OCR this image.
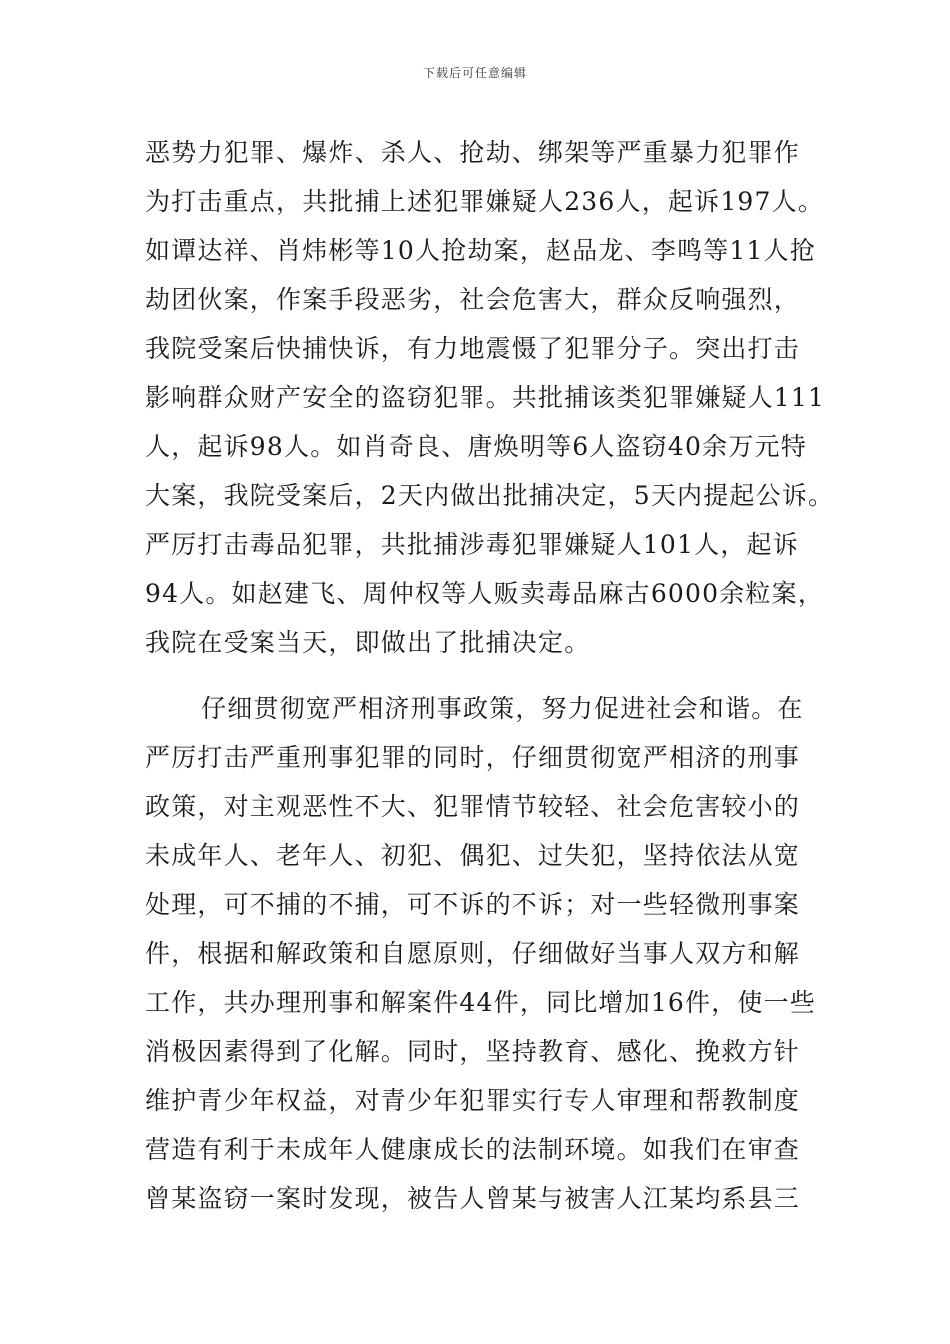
下载后可任意编辑
恶势力犯罪、爆炸、杀人、抢劫、绑架等严重暴力犯罪作
为打击重点，共批捕上述犯罪嫌疑人236人，起诉197人。
如谭达祥、肖炜彬等10人抢劫案，赵品龙、李鸣等11人抢
劫团伙案，作案手段恶劣，社会危害大，群众反响强烈，
我院受案后快捕快诉，有力地震慑了犯罪分子。突出打击
影响群众财产安全的盗窃犯罪。共批捕该类犯罪嫌疑人111
人，起诉98人。如肖奇良、唐焕明等6人盗窃40余万元特
大案，我院受案后，2天内做出批捕决定，5天内提起公诉。
严厉打击毒品犯罪，共批捕涉毒犯罪嫌疑人101人，起诉
94人。如赵建飞、周仲权等人贩卖毒品麻古6000余粒案，
我院在受案当天，即做出了批捕决定。
仔细贯彻宽严相济刑事政策，努力促进社会和谐。在
严厉打击严重刑事犯罪的同时，仔细贯彻宽严相济的刑事
政策，对主观恶性不大、犯罪情节较轻、社会危害较小的
未成年人、老年人、初犯、偶犯、过失犯，坚持依法从宽
处理，可不捕的不捕，可不诉的不诉；对一些轻微刑事案
件，根据和解政策和自愿原则，仔细做好当事人双方和解
工作，共办理刑事和解案件44件，同比增加16件，使一些
消极因素得到了化解。同时，坚持教育、感化、挽救方针
维护青少年权益，对青少年犯罪实行专人审理和帮教制度
营造有利于未成年人健康成长的法制环境。如我们在审查
曾某盗窃一案时发现，被告人曾某与被害人江某均系县三
